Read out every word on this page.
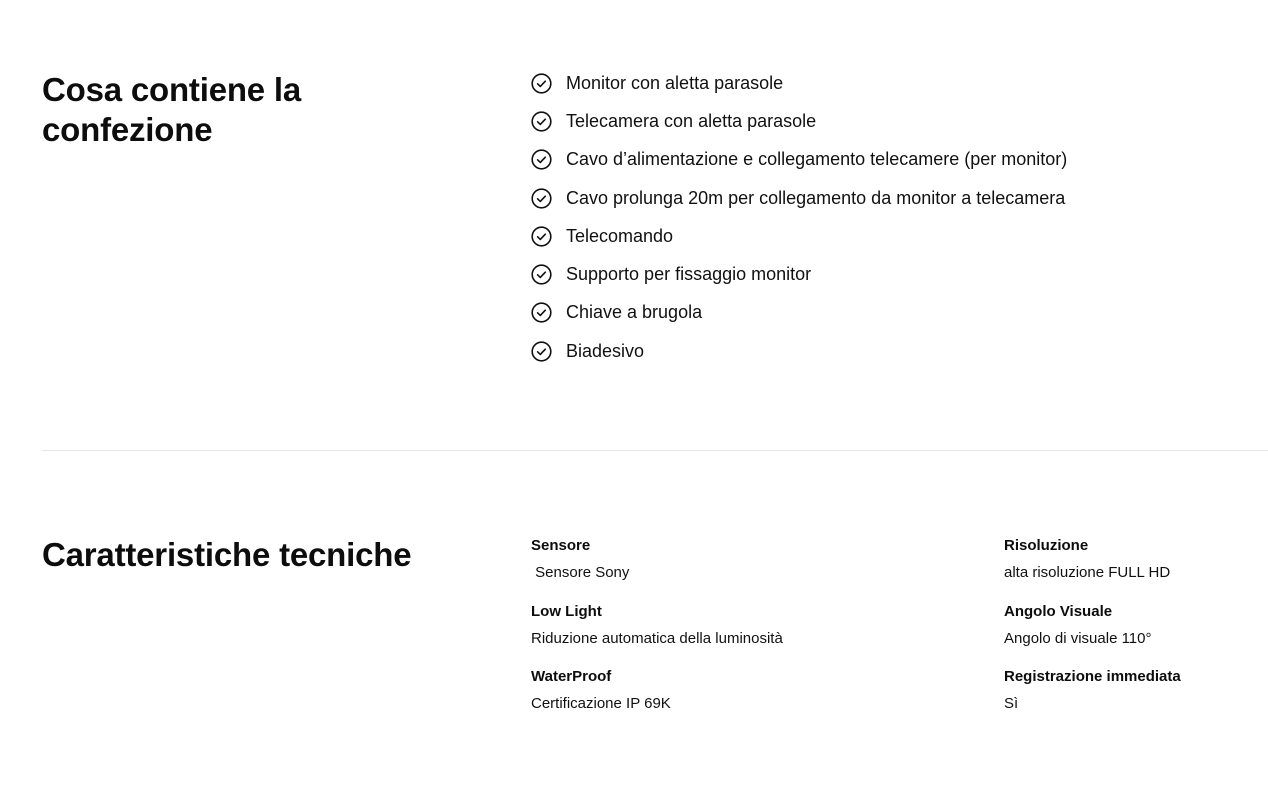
Cosa contiene la confezione
Monitor con aletta parasole
Telecamera con aletta parasole
Cavo d’alimentazione e collegamento telecamere (per monitor)
Cavo prolunga 20m per collegamento da monitor a telecamera
Telecomando
Supporto per fissaggio monitor
Chiave a brugola
Biadesivo
Caratteristiche tecniche	Sensore
Sensore Sony
Low Light
Riduzione automatica della luminosità
WaterProof
Certificazione IP 69K
Risoluzione
alta risoluzione FULL HD
Angolo Visuale
Angolo di visuale 110°
Registrazione immediata
Sì
